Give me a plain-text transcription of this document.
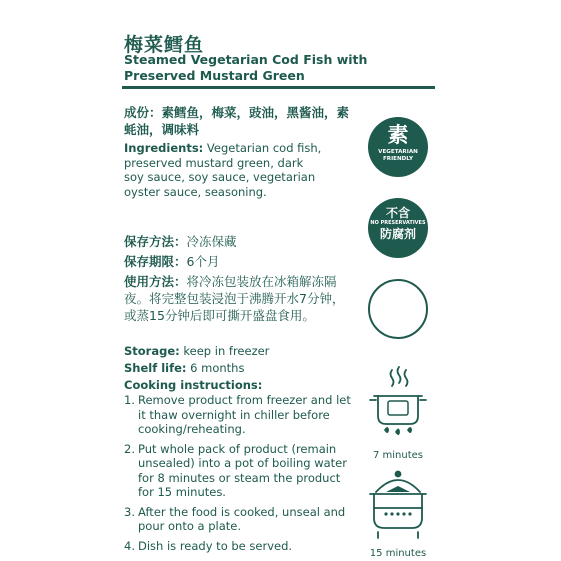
梅菜鳕鱼
Steamed Vegetarian Cod Fish with
Preserved Mustard Green
成份：素鳕鱼，梅菜，豉油，黑酱油，素蚝油，调味料
Ingredients: Vegetarian cod fish, preserved mustard green, dark soy sauce, soy sauce, vegetarian oyster sauce, seasoning.
保存方法：冷冻保藏
保存期限：6个月
使用方法：将冷冻包装放在冰箱解冻隔夜。将完整包装浸泡于沸腾开水7分钟，或蒸15分钟后即可撕开盛盘食用。
Storage: keep in freezer
Shelf life: 6 months
Cooking instructions:
1. Remove product from freezer and let it thaw overnight in chiller before cooking/reheating.
2. Put whole pack of product (remain unsealed) into a pot of boiling water for 8 minutes or steam the product for 15 minutes.
3. After the food is cooked, unseal and pour onto a plate.
4. Dish is ready to be served.
素
VEGETARIAN FRIENDLY
不含
NO PRESERVATIVES
防腐剂
7 minutes
15 minutes
